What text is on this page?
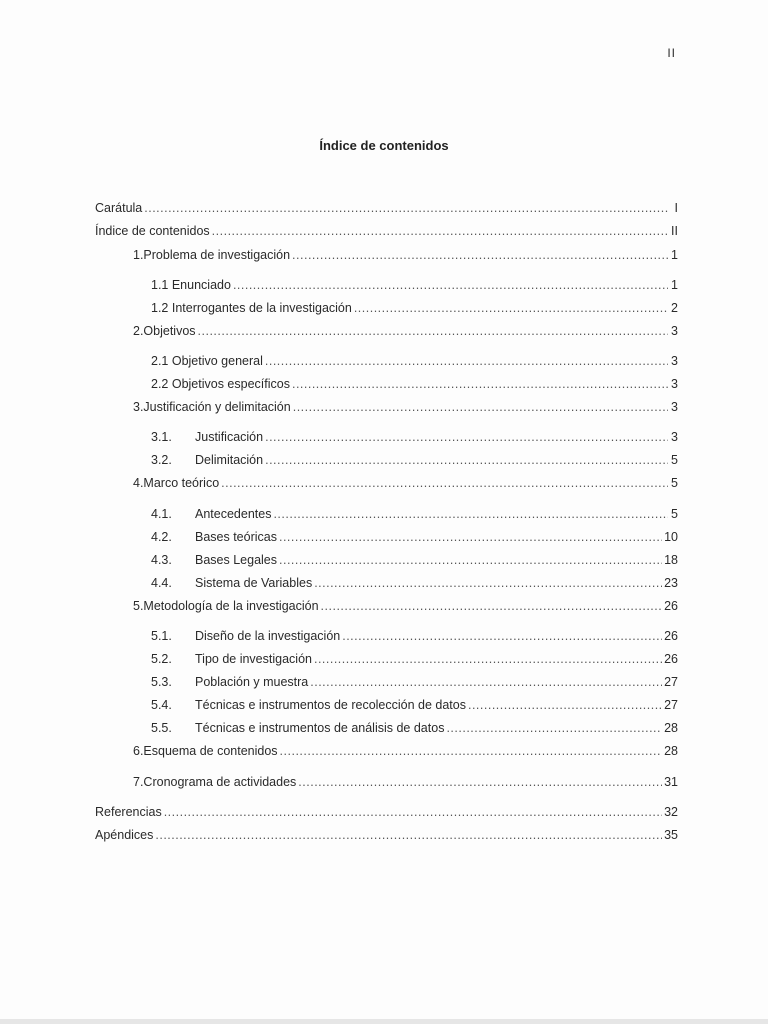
II
Índice de contenidos
Carátula .....	I
Índice de contenidos .....	II
1.Problema de investigación .....	1
1.1 Enunciado .....	1
1.2 Interrogantes de la investigación .....	2
2.Objetivos .....	3
2.1 Objetivo general .....	3
2.2 Objetivos específicos .....	3
3.Justificación y delimitación .....	3
3.1.	Justificación .....	3
3.2.	Delimitación .....	5
4.Marco teórico .....	5
4.1.	Antecedentes .....	5
4.2.	Bases teóricas .....	10
4.3.	Bases Legales .....	18
4.4.	Sistema de Variables .....	23
5.Metodología de la investigación .....	26
5.1.	Diseño de la investigación .....	26
5.2.	Tipo de investigación .....	26
5.3.	Población y muestra .....	27
5.4.	Técnicas e instrumentos de recolección de datos .....	27
5.5.	Técnicas e instrumentos de análisis de datos .....	28
6.Esquema de contenidos .....	28
7.Cronograma de actividades .....	31
Referencias .....	32
Apéndices .....	35
